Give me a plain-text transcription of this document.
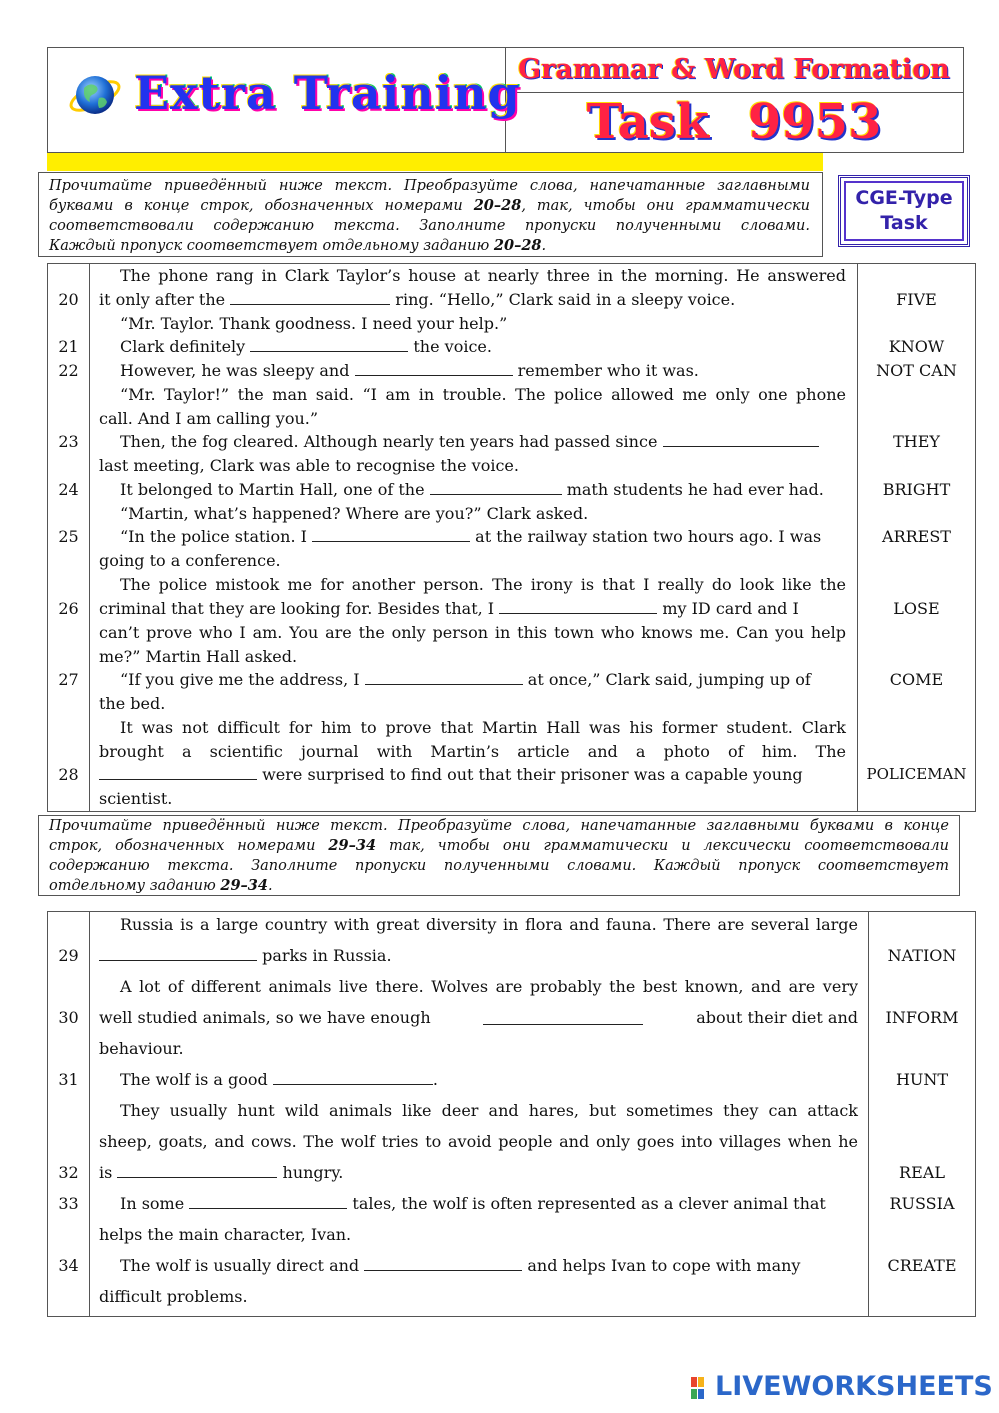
Extra Training
Grammar & Word Formation
Task 9953
Прочитайте приведённый ниже текст. Преобразуйте слова, напечатанные заглавными
буквами в конце строк, обозначенных номерами 20–28, так, чтобы они грамматически
соответствовали содержанию текста. Заполните пропуски полученными словами.
Каждый пропуск соответствует отдельному заданию 20–28.
CGE-Type
Task
The phone rang in Clark Taylor’s house at nearly three in the morning. He answered
20	it only after the	ring. “Hello,” Clark said in a sleepy voice.	FIVE
“Mr. Taylor. Thank goodness. I need your help.”
21	Clark definitely	the voice.	KNOW
22	However, he was sleepy and	remember who it was.	NOT CAN
“Mr. Taylor!” the man said. “I am in trouble. The police allowed me only one phone
call. And I am calling you.”
23	Then, the fog cleared. Although nearly ten years had passed since	THEY
last meeting, Clark was able to recognise the voice.
24	It belonged to Martin Hall, one of the	math students he had ever had.	BRIGHT
“Martin, what’s happened? Where are you?” Clark asked.
25	“In the police station. I	at the railway station two hours ago. I was	ARREST
going to a conference.
The police mistook me for another person. The irony is that I really do look like the
26	criminal that they are looking for. Besides that, I	my ID card and I	LOSE
can’t prove who I am. You are the only person in this town who knows me. Can you help
me?” Martin Hall asked.
27	“If you give me the address, I	at once,” Clark said, jumping up of	COME
the bed.
It was not difficult for him to prove that Martin Hall was his former student. Clark
brought a scientific journal with Martin’s article and a photo of him. The
28	were surprised to find out that their prisoner was a capable young	POLICEMAN
scientist.
Прочитайте приведённый ниже текст. Преобразуйте слова, напечатанные заглавными буквами в конце
строк, обозначенных номерами 29–34 так, чтобы они грамматически и лексически соответствовали
содержанию текста. Заполните пропуски полученными словами. Каждый пропуск соответствует
отдельному заданию 29–34.
Russia is a large country with great diversity in flora and fauna. There are several large
29	parks in Russia.	NATION
A lot of different animals live there. Wolves are probably the best known, and are very
30	well studied animals, so we have enough	about their diet and	INFORM
behaviour.
31	The wolf is a good	.	HUNT
They usually hunt wild animals like deer and hares, but sometimes they can attack
sheep, goats, and cows. The wolf tries to avoid people and only goes into villages when he
32	is	hungry.	REAL
33	In some	tales, the wolf is often represented as a clever animal that	RUSSIA
helps the main character, Ivan.
34	The wolf is usually direct and	and helps Ivan to cope with many	CREATE
difficult problems.
LIVEWORKSHEETS
